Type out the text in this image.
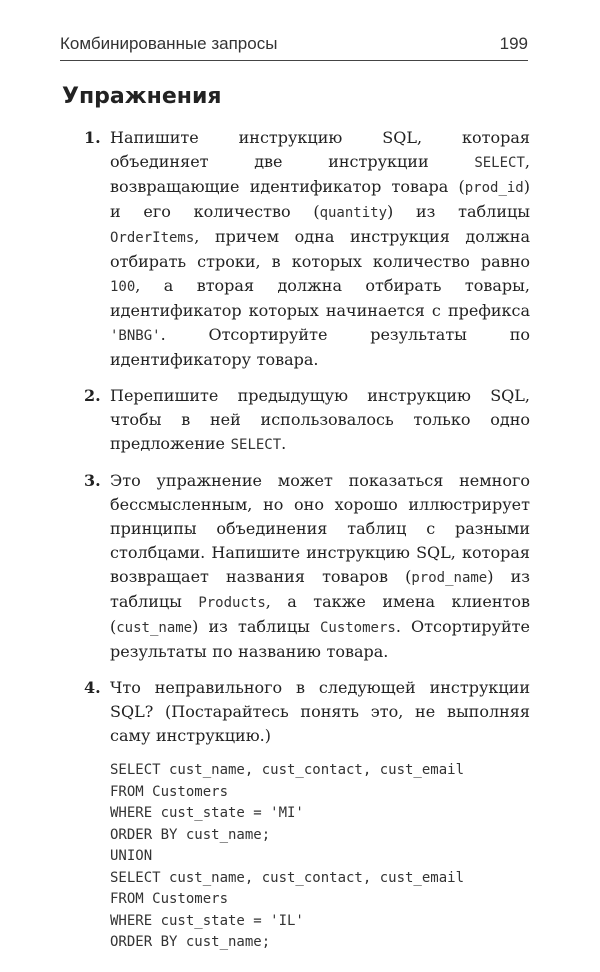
Комбинированные запросы	199
Упражнения
1. Напишите инструкцию SQL, которая объединяет две инструкции SELECT, возвращающие идентификатор товара (prod_id) и его количество (quantity) из таблицы OrderItems, причем одна инструкция должна отбирать строки, в которых количество равно 100, а вторая должна отбирать товары, идентификатор которых начинается с префикса 'BNBG'. Отсортируйте результаты по идентификатору товара.
2. Перепишите предыдущую инструкцию SQL, чтобы в ней использовалось только одно предложение SELECT.
3. Это упражнение может показаться немного бессмысленным, но оно хорошо иллюстрирует принципы объединения таблиц с разными столбцами. Напишите инструкцию SQL, которая возвращает названия товаров (prod_name) из таблицы Products, а также имена клиентов (cust_name) из таблицы Customers. Отсортируйте результаты по названию товара.
4. Что неправильного в следующей инструкции SQL? (Постарайтесь понять это, не выполняя саму инструкцию.)
SELECT cust_name, cust_contact, cust_email
FROM Customers
WHERE cust_state = 'MI'
ORDER BY cust_name;
UNION
SELECT cust_name, cust_contact, cust_email
FROM Customers
WHERE cust_state = 'IL'
ORDER BY cust_name;
